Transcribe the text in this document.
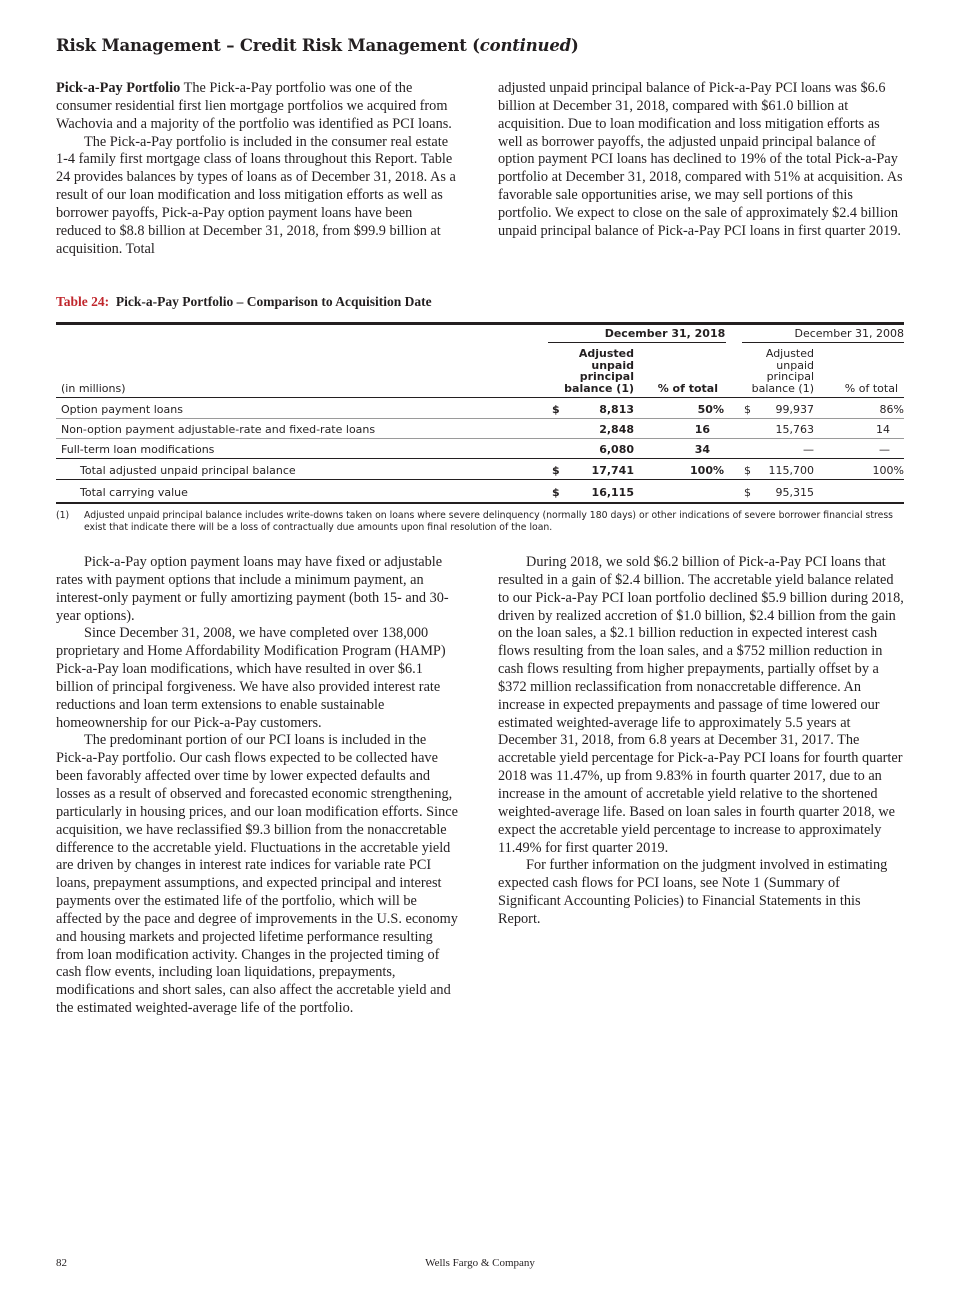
Risk Management – Credit Risk Management (continued)

Pick-a-Pay Portfolio The Pick-a-Pay portfolio was one of the consumer residential first lien mortgage portfolios we acquired from Wachovia and a majority of the portfolio was identified as PCI loans.

The Pick-a-Pay portfolio is included in the consumer real estate 1-4 family first mortgage class of loans throughout this Report. Table 24 provides balances by types of loans as of December 31, 2018. As a result of our loan modification and loss mitigation efforts as well as borrower payoffs, Pick-a-Pay option payment loans have been reduced to $8.8 billion at December 31, 2018, from $99.9 billion at acquisition. Total

adjusted unpaid principal balance of Pick-a-Pay PCI loans was $6.6 billion at December 31, 2018, compared with $61.0 billion at acquisition. Due to loan modification and loss mitigation efforts as well as borrower payoffs, the adjusted unpaid principal balance of option payment PCI loans has declined to 19% of the total Pick-a-Pay portfolio at December 31, 2018, compared with 51% at acquisition. As favorable sale opportunities arise, we may sell portions of this portfolio. We expect to close on the sale of approximately $2.4 billion unpaid principal balance of Pick-a-Pay PCI loans in first quarter 2019.

Table 24: Pick-a-Pay Portfolio – Comparison to Acquisition Date
December 31, 2018	December 31, 2008
Adjusted
unpaid
principal
balance (1)	% of total
Adjusted
unpaid
principal
balance (1)	% of total
(in millions)
Option payment loans	$	8,813	50% $	99,937	86%
Non-option payment adjustable-rate and fixed-rate loans	2,848	16	15,763	14
Full-term loan modifications	6,080	34	—	—
Total adjusted unpaid principal balance	$	17,741	100% $	115,700	100%
Total carrying value	$	16,115	$	95,315
(1) Adjusted unpaid principal balance includes write-downs taken on loans where severe delinquency (normally 180 days) or other indications of severe borrower financial stress exist that indicate there will be a loss of contractually due amounts upon final resolution of the loan.

Pick-a-Pay option payment loans may have fixed or adjustable rates with payment options that include a minimum payment, an interest-only payment or fully amortizing payment (both 15- and 30-year options).

Since December 31, 2008, we have completed over 138,000 proprietary and Home Affordability Modification Program (HAMP) Pick-a-Pay loan modifications, which have resulted in over $6.1 billion of principal forgiveness. We have also provided interest rate reductions and loan term extensions to enable sustainable homeownership for our Pick-a-Pay customers.

The predominant portion of our PCI loans is included in the Pick-a-Pay portfolio. Our cash flows expected to be collected have been favorably affected over time by lower expected defaults and losses as a result of observed and forecasted economic strengthening, particularly in housing prices, and our loan modification efforts. Since acquisition, we have reclassified $9.3 billion from the nonaccretable difference to the accretable yield. Fluctuations in the accretable yield are driven by changes in interest rate indices for variable rate PCI loans, prepayment assumptions, and expected principal and interest payments over the estimated life of the portfolio, which will be affected by the pace and degree of improvements in the U.S. economy and housing markets and projected lifetime performance resulting from loan modification activity. Changes in the projected timing of cash flow events, including loan liquidations, prepayments, modifications and short sales, can also affect the accretable yield and the estimated weighted-average life of the portfolio.

During 2018, we sold $6.2 billion of Pick-a-Pay PCI loans that resulted in a gain of $2.4 billion. The accretable yield balance related to our Pick-a-Pay PCI loan portfolio declined $5.9 billion during 2018, driven by realized accretion of $1.0 billion, $2.4 billion from the gain on the loan sales, a $2.1 billion reduction in expected interest cash flows resulting from the loan sales, and a $752 million reduction in cash flows resulting from higher prepayments, partially offset by a $372 million reclassification from nonaccretable difference. An increase in expected prepayments and passage of time lowered our estimated weighted-average life to approximately 5.5 years at December 31, 2018, from 6.8 years at December 31, 2017. The accretable yield percentage for Pick-a-Pay PCI loans for fourth quarter 2018 was 11.47%, up from 9.83% in fourth quarter 2017, due to an increase in the amount of accretable yield relative to the shortened weighted-average life. Based on loan sales in fourth quarter 2018, we expect the accretable yield percentage to increase to approximately 11.49% for first quarter 2019.

For further information on the judgment involved in estimating expected cash flows for PCI loans, see Note 1 (Summary of Significant Accounting Policies) to Financial Statements in this Report.

82	Wells Fargo & Company
